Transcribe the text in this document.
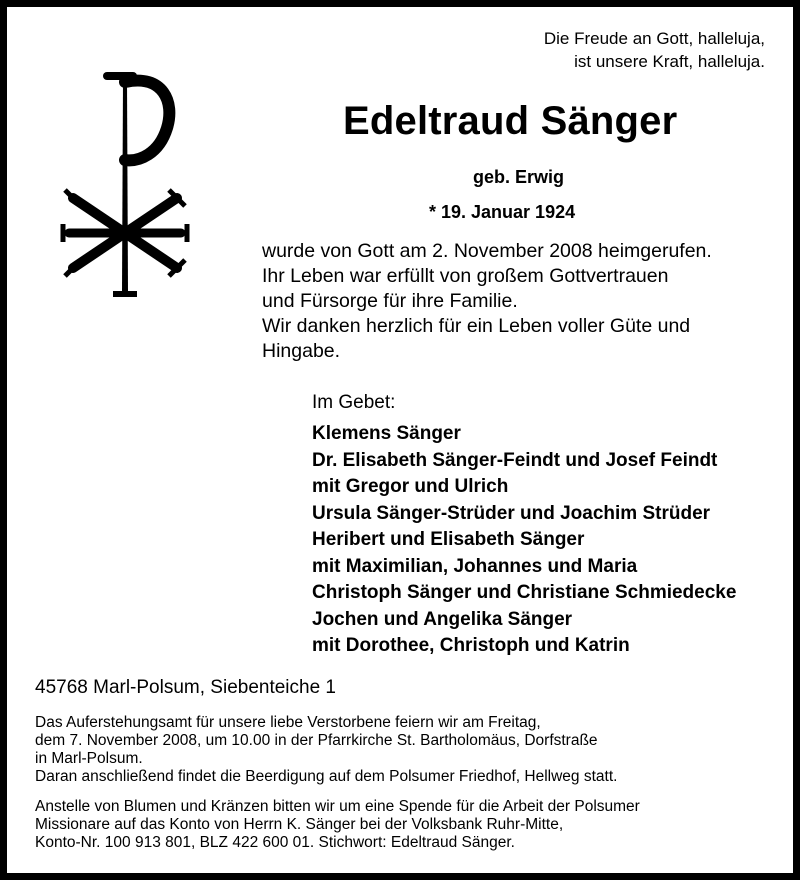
Die Freude an Gott, halleluja,
ist unsere Kraft, halleluja.
Edeltraud Sänger
geb. Erwig
* 19. Januar 1924
wurde von Gott am 2. November 2008 heimgerufen.
Ihr Leben war erfüllt von großem Gottvertrauen
und Fürsorge für ihre Familie.
Wir danken herzlich für ein Leben voller Güte und
Hingabe.
Im Gebet:
Klemens Sänger
Dr. Elisabeth Sänger-Feindt und Josef Feindt
mit Gregor und Ulrich
Ursula Sänger-Strüder und Joachim Strüder
Heribert und Elisabeth Sänger
mit Maximilian, Johannes und Maria
Christoph Sänger und Christiane Schmiedecke
Jochen und Angelika Sänger
mit Dorothee, Christoph und Katrin
45768 Marl-Polsum, Siebenteiche 1
Das Auferstehungsamt für unsere liebe Verstorbene feiern wir am Freitag,
dem 7. November 2008, um 10.00 in der Pfarrkirche St. Bartholomäus, Dorfstraße
in Marl-Polsum.
Daran anschließend findet die Beerdigung auf dem Polsumer Friedhof, Hellweg statt.
Anstelle von Blumen und Kränzen bitten wir um eine Spende für die Arbeit der Polsumer
Missionare auf das Konto von Herrn K. Sänger bei der Volksbank Ruhr-Mitte,
Konto-Nr. 100 913 801, BLZ 422 600 01. Stichwort: Edeltraud Sänger.
